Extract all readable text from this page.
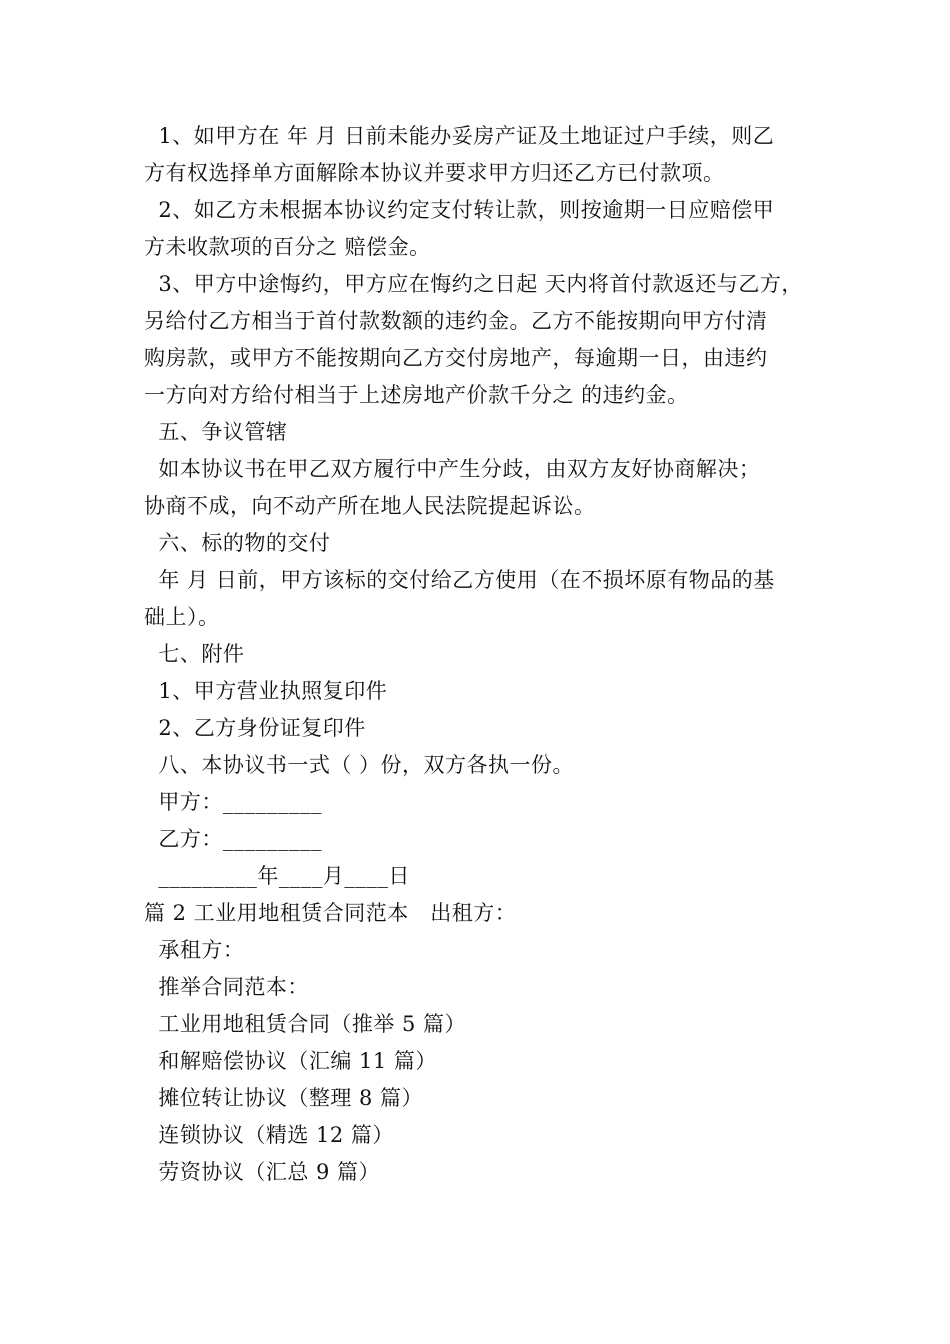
1、如甲方在 年 月 日前未能办妥房产证及土地证过户手续，则乙
方有权选择单方面解除本协议并要求甲方归还乙方已付款项。
2、如乙方未根据本协议约定支付转让款，则按逾期一日应赔偿甲
方未收款项的百分之 赔偿金。
3、甲方中途悔约，甲方应在悔约之日起 天内将首付款返还与乙方，
另给付乙方相当于首付款数额的违约金。乙方不能按期向甲方付清
购房款，或甲方不能按期向乙方交付房地产，每逾期一日，由违约
一方向对方给付相当于上述房地产价款千分之 的违约金。
五、争议管辖
如本协议书在甲乙双方履行中产生分歧，由双方友好协商解决；
协商不成，向不动产所在地人民法院提起诉讼。
六、标的物的交付
年 月 日前，甲方该标的交付给乙方使用（在不损坏原有物品的基
础上）。
七、附件
1、甲方营业执照复印件
2、乙方身份证复印件
八、本协议书一式（ ）份，双方各执一份。
甲方：_________
乙方：_________
_________年____月____日
篇 2 工业用地租赁合同范本   出租方：
承租方：
推举合同范本：
工业用地租赁合同（推举 5 篇）
和解赔偿协议（汇编 11 篇）
摊位转让协议（整理 8 篇）
连锁协议（精选 12 篇）
劳资协议（汇总 9 篇）
